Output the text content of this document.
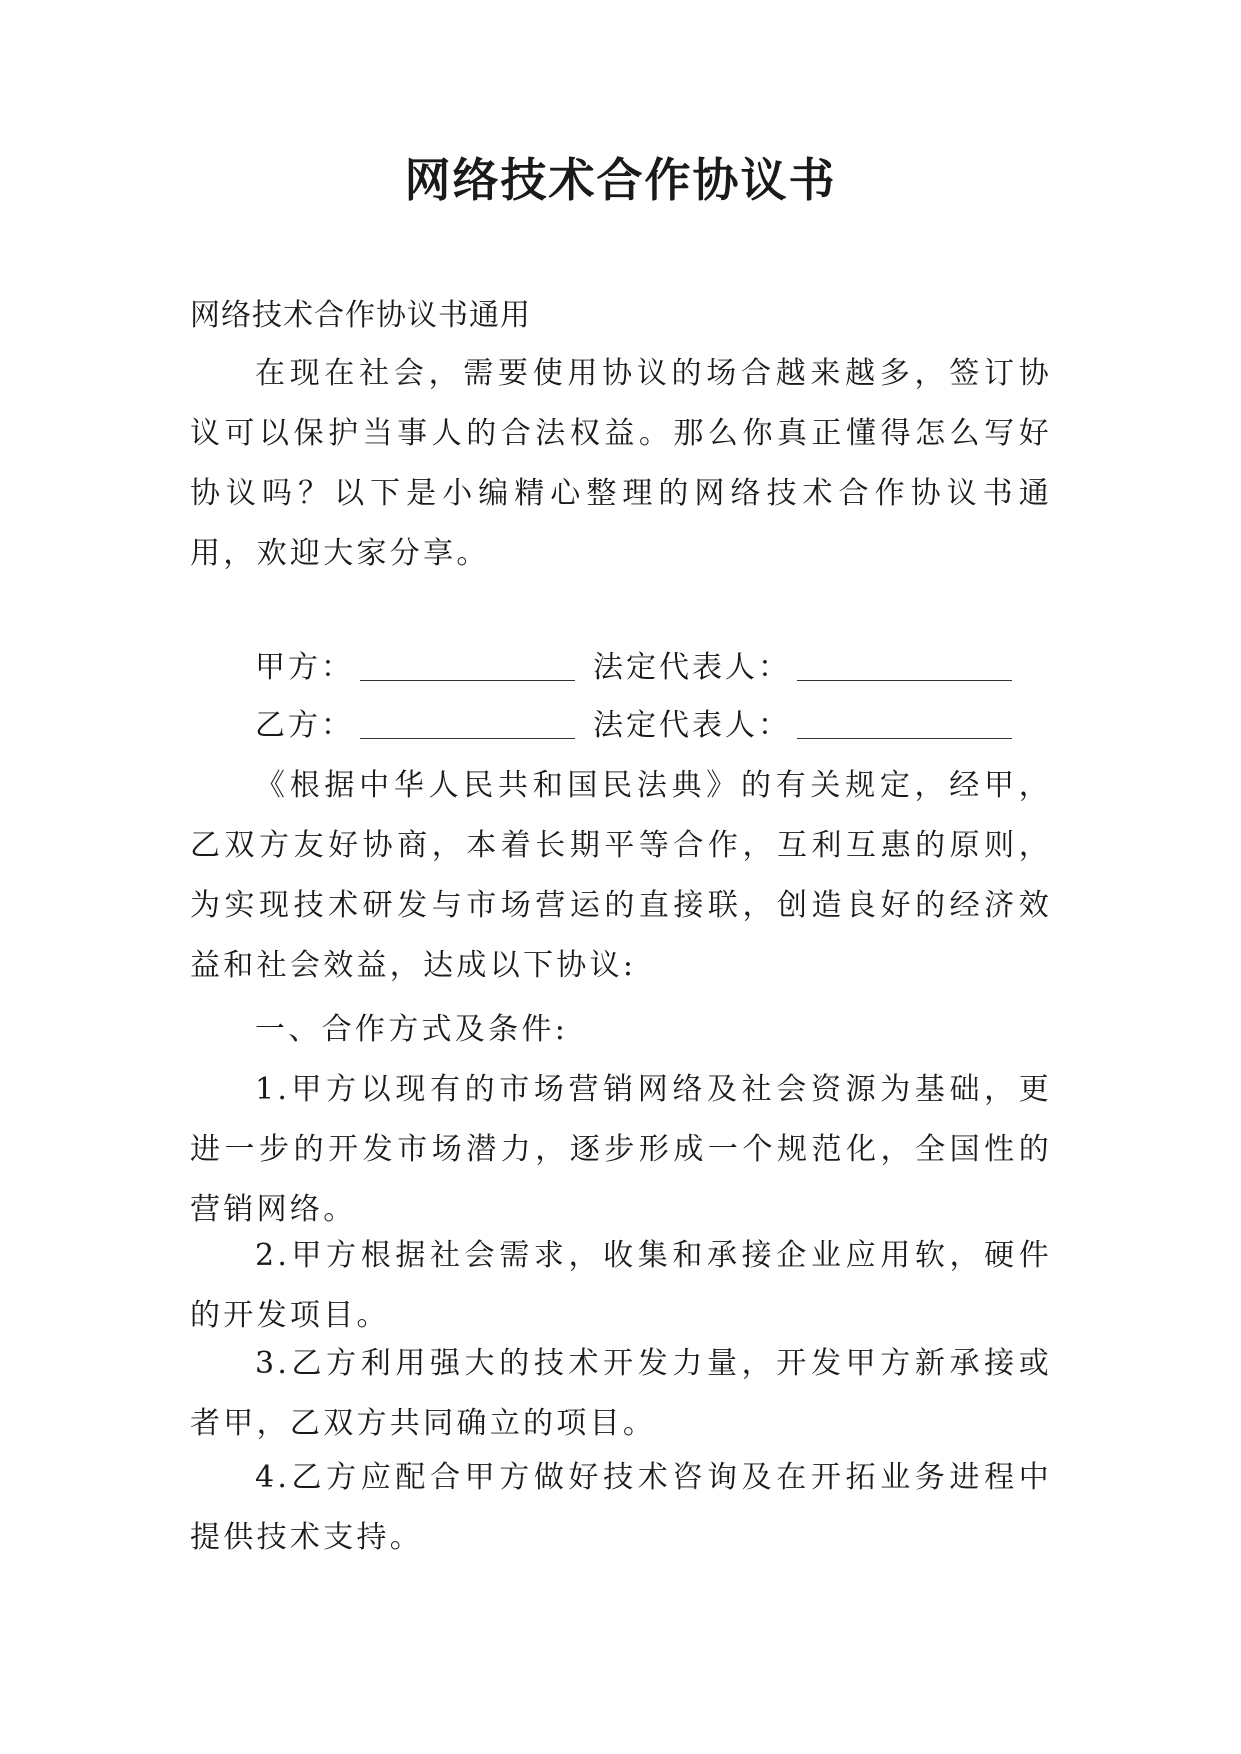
网络技术合作协议书
网络技术合作协议书通用

在现在社会，需要使用协议的场合越来越多，签订协议可以保护当事人的合法权益。那么你真正懂得怎么写好协议吗？以下是小编精心整理的网络技术合作协议书通用，欢迎大家分享。

甲方：	法定代表人：
乙方：	法定代表人：

《根据中华人民共和国民法典》的有关规定，经甲，乙双方友好协商，本着长期平等合作，互利互惠的原则，为实现技术研发与市场营运的直接联，创造良好的经济效益和社会效益，达成以下协议:

一、合作方式及条件:

1.甲方以现有的市场营销网络及社会资源为基础，更进一步的开发市场潜力，逐步形成一个规范化，全国性的营销网络。

2.甲方根据社会需求，收集和承接企业应用软，硬件的开发项目。

3.乙方利用强大的技术开发力量，开发甲方新承接或者甲，乙双方共同确立的项目。

4.乙方应配合甲方做好技术咨询及在开拓业务进程中提供技术支持。
